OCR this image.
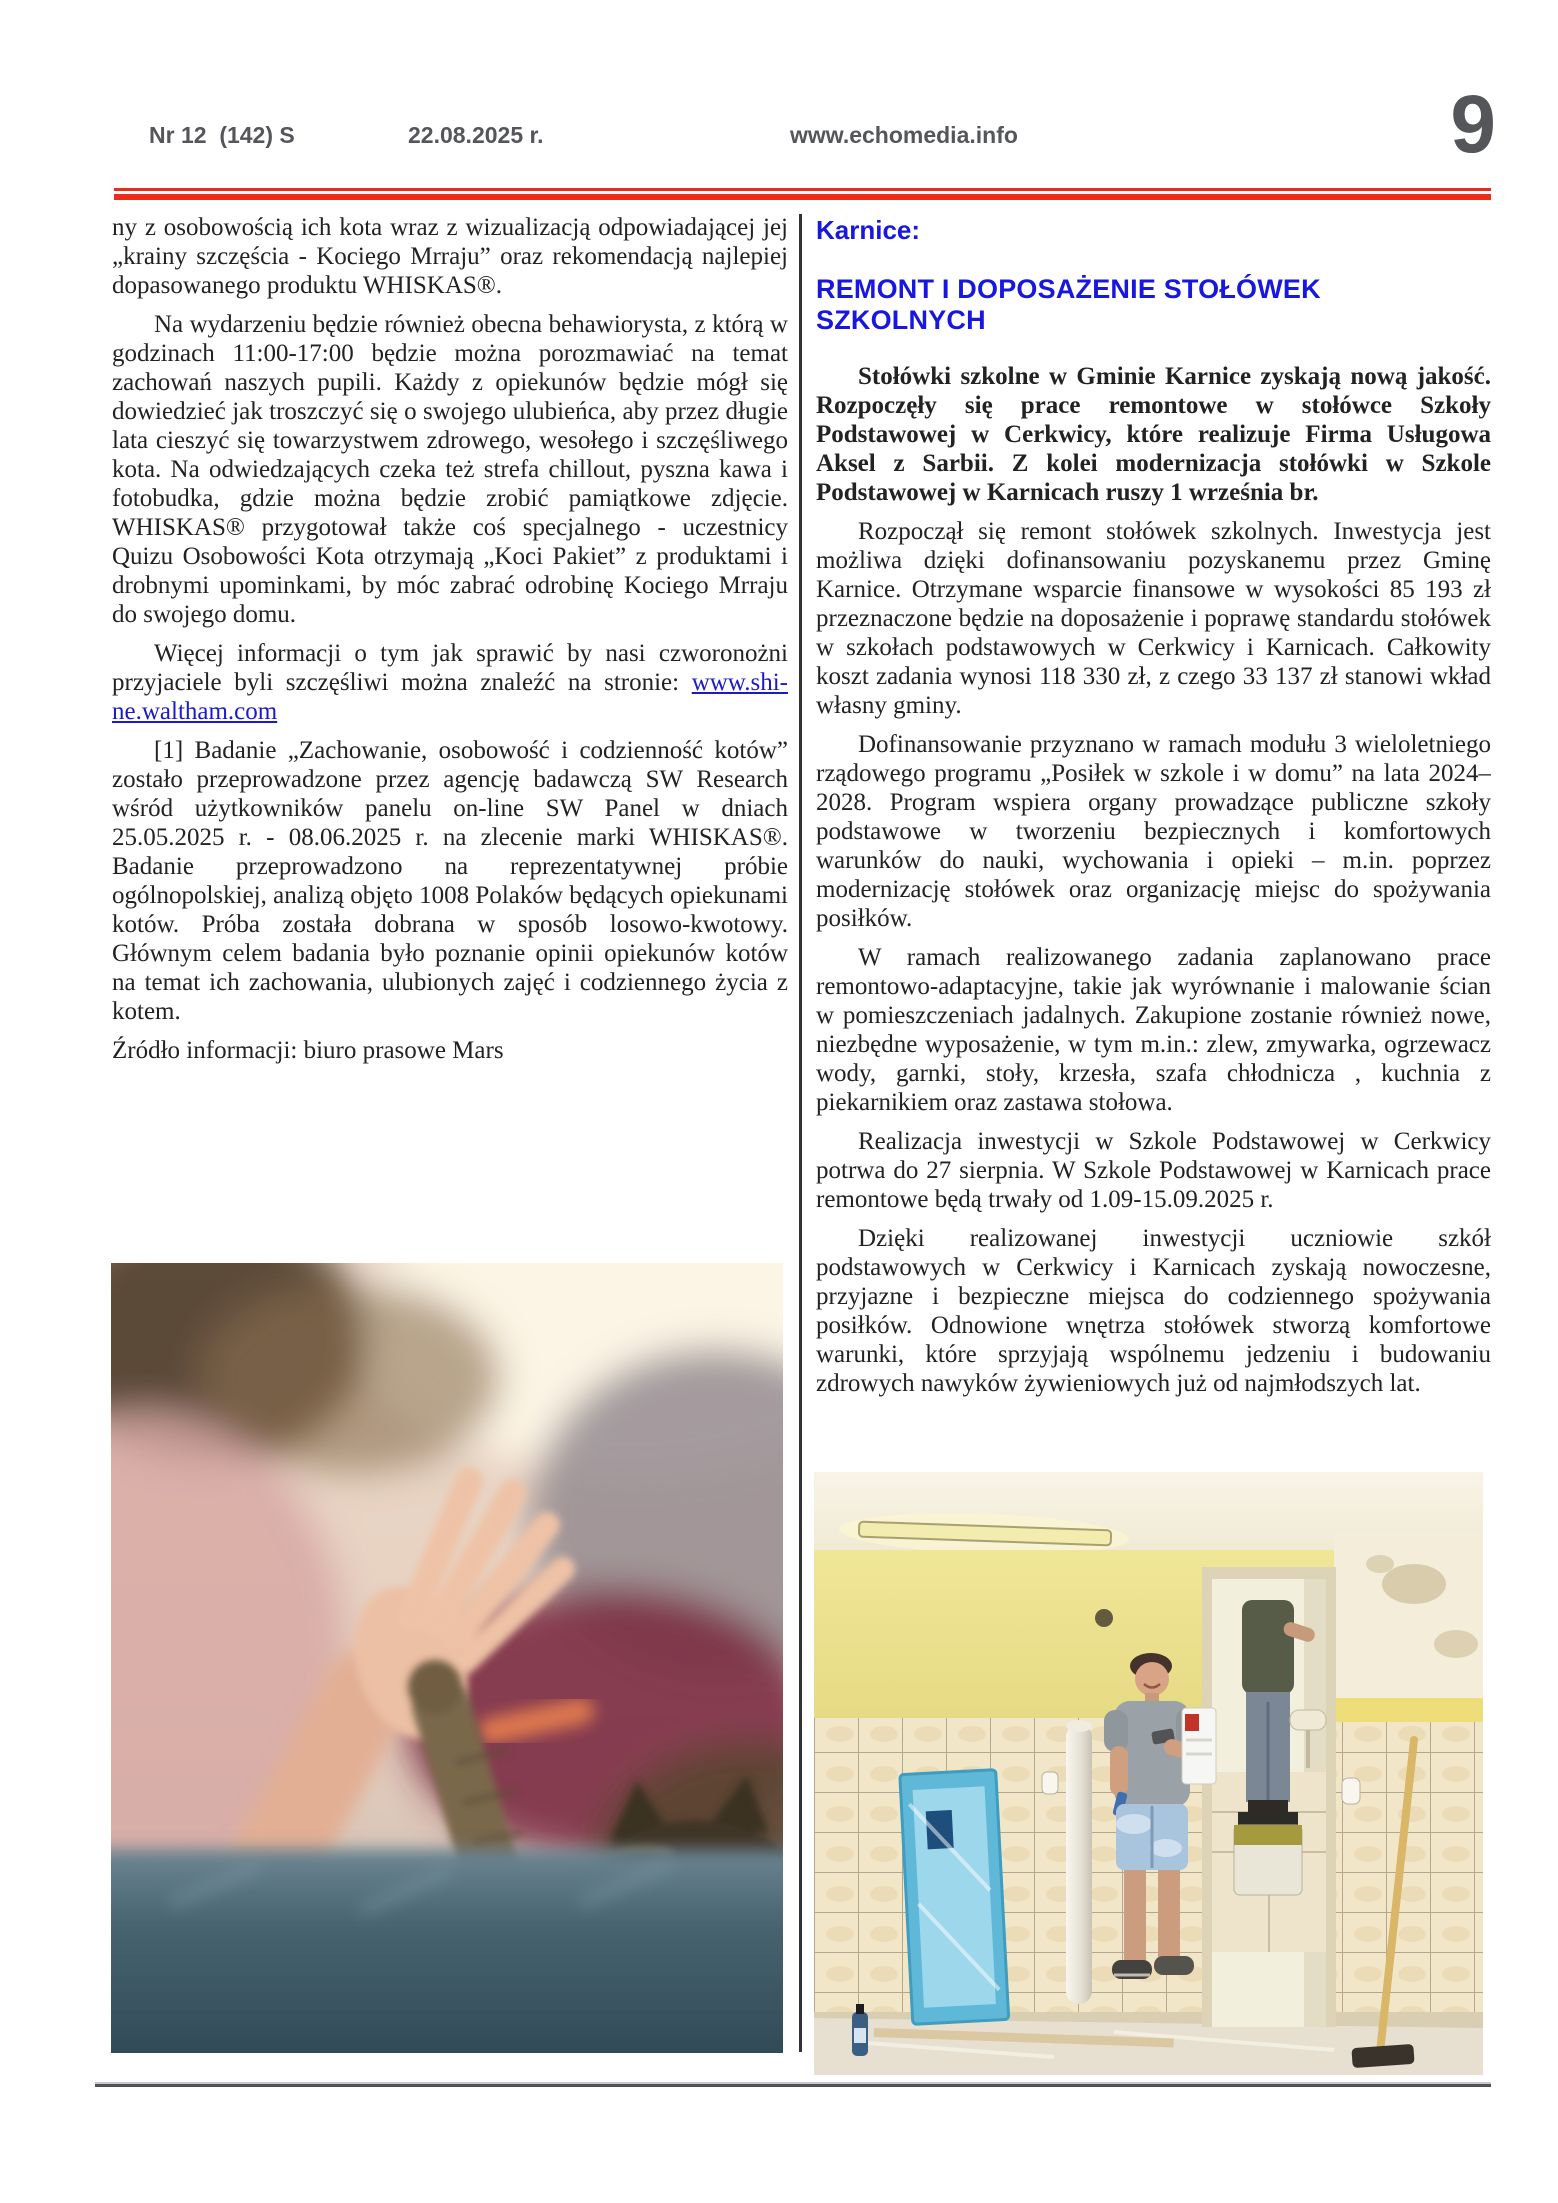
Nr 12  (142) S	22.08.2025 r.	www.echomedia.info	9

ny z osobowością ich kota wraz z wizualizacją odpowiadającej jej „krainy szczęścia - Kociego Mrraju” oraz rekomendacją najlepiej dopasowanego produktu WHISKAS®.

Na wydarzeniu będzie również obecna behawiorysta, z którą w godzinach 11:00-17:00 będzie można porozmawiać na temat zachowań naszych pupili. Każdy z opiekunów będzie mógł się dowiedzieć jak troszczyć się o swojego ulubieńca, aby przez długie lata cieszyć się towarzystwem zdrowego, wesołego i szczęśliwego kota. Na odwiedzających czeka też strefa chillout, pyszna kawa i fotobudka, gdzie można będzie zrobić pamiątkowe zdjęcie. WHISKAS® przygotował także coś specjalnego - uczestnicy Quizu Osobowości Kota otrzymają „Koci Pakiet” z produktami i drobnymi upominkami, by móc zabrać odrobinę Kociego Mrraju do swojego domu.

Więcej informacji o tym jak sprawić by nasi czworonożni przyjaciele byli szczęśliwi można znaleźć na stronie: www.shi-ne.waltham.com

[1] Badanie „Zachowanie, osobowość i codzienność kotów” zostało przeprowadzone przez agencję badawczą SW Research wśród użytkowników panelu on-line SW Panel w dniach 25.05.2025 r. - 08.06.2025 r. na zlecenie marki WHISKAS®. Badanie przeprowadzono na reprezentatywnej próbie ogólnopolskiej, analizą objęto 1008 Polaków będących opiekunami kotów. Próba została dobrana w sposób losowo-kwotowy. Głównym celem badania było poznanie opinii opiekunów kotów na temat ich zachowania, ulubionych zajęć i codziennego życia z kotem.

Źródło informacji: biuro prasowe Mars

Karnice:
REMONT I DOPOSAŻENIE STOŁÓWEK SZKOLNYCH

Stołówki szkolne w Gminie Karnice zyskają nową jakość. Rozpoczęły się prace remontowe w stołówce Szkoły Podstawowej w Cerkwicy, które realizuje Firma Usługowa Aksel z Sarbii. Z kolei modernizacja stołówki w Szkole Podstawowej w Karnicach ruszy 1 września br.

Rozpoczął się remont stołówek szkolnych. Inwestycja jest możliwa dzięki dofinansowaniu pozyskanemu przez Gminę Karnice. Otrzymane wsparcie finansowe w wysokości 85 193 zł przeznaczone będzie na doposażenie i poprawę standardu stołówek w szkołach podstawowych w Cerkwicy i Karnicach. Całkowity koszt zadania wynosi 118 330 zł, z czego 33 137 zł stanowi wkład własny gminy.

Dofinansowanie przyznano w ramach modułu 3 wieloletniego rządowego programu „Posiłek w szkole i w domu” na lata 2024–2028. Program wspiera organy prowadzące publiczne szkoły podstawowe w tworzeniu bezpiecznych i komfortowych warunków do nauki, wychowania i opieki – m.in. poprzez modernizację stołówek oraz organizację miejsc do spożywania posiłków.

W ramach realizowanego zadania zaplanowano prace remontowo-adaptacyjne, takie jak wyrównanie i malowanie ścian w pomieszczeniach jadalnych. Zakupione zostanie również nowe, niezbędne wyposażenie, w tym m.in.: zlew, zmywarka, ogrzewacz wody, garnki, stoły, krzesła, szafa chłodnicza , kuchnia z piekarnikiem oraz zastawa stołowa.

Realizacja inwestycji w Szkole Podstawowej w Cerkwicy potrwa do 27 sierpnia. W Szkole Podstawowej w Karnicach prace remontowe będą trwały od 1.09-15.09.2025 r.

Dzięki realizowanej inwestycji uczniowie szkół podstawowych w Cerkwicy i Karnicach zyskają nowoczesne, przyjazne i bezpieczne miejsca do codziennego spożywania posiłków. Odnowione wnętrza stołówek stworzą komfortowe warunki, które sprzyjają wspólnemu jedzeniu i budowaniu zdrowych nawyków żywieniowych już od najmłodszych lat.
